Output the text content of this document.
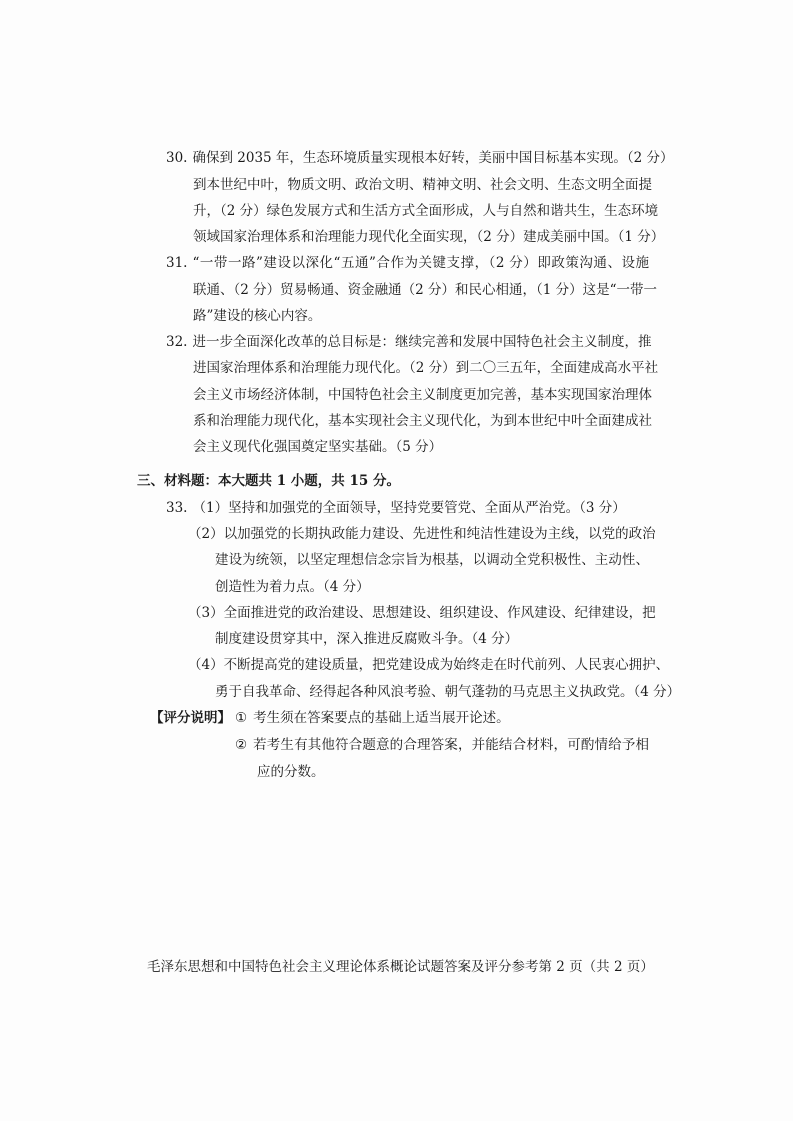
30. 确保到 2035 年，生态环境质量实现根本好转，美丽中国目标基本实现。（2 分）
到本世纪中叶，物质文明、政治文明、精神文明、社会文明、生态文明全面提
升，（2 分）绿色发展方式和生活方式全面形成，人与自然和谐共生，生态环境
领域国家治理体系和治理能力现代化全面实现，（2 分）建成美丽中国。（1 分）
31. “一带一路”建设以深化“五通”合作为关键支撑，（2 分）即政策沟通、设施
联通、（2 分）贸易畅通、资金融通（2 分）和民心相通，（1 分）这是“一带一
路”建设的核心内容。
32. 进一步全面深化改革的总目标是：继续完善和发展中国特色社会主义制度，推
进国家治理体系和治理能力现代化。（2 分）到二〇三五年，全面建成高水平社
会主义市场经济体制，中国特色社会主义制度更加完善，基本实现国家治理体
系和治理能力现代化，基本实现社会主义现代化，为到本世纪中叶全面建成社
会主义现代化强国奠定坚实基础。（5 分）
三、材料题：本大题共 1 小题，共 15 分。
33. （1） 坚持和加强党的全面领导，坚持党要管党、全面从严治党。（3 分）
（2） 以加强党的长期执政能力建设、先进性和纯洁性建设为主线，以党的政治
建设为统领，以坚定理想信念宗旨为根基，以调动全党积极性、主动性、
创造性为着力点。（4 分）
（3） 全面推进党的政治建设、思想建设、组织建设、作风建设、纪律建设，把
制度建设贯穿其中，深入推进反腐败斗争。（4 分）
（4） 不断提高党的建设质量，把党建设成为始终走在时代前列、人民衷心拥护、
勇于自我革命、经得起各种风浪考验、朝气蓬勃的马克思主义执政党。（4 分）
【评分说明】 ① 考生须在答案要点的基础上适当展开论述。
② 若考生有其他符合题意的合理答案，并能结合材料，可酌情给予相
应的分数。
毛泽东思想和中国特色社会主义理论体系概论试题答案及评分参考第 2 页（共 2 页）
